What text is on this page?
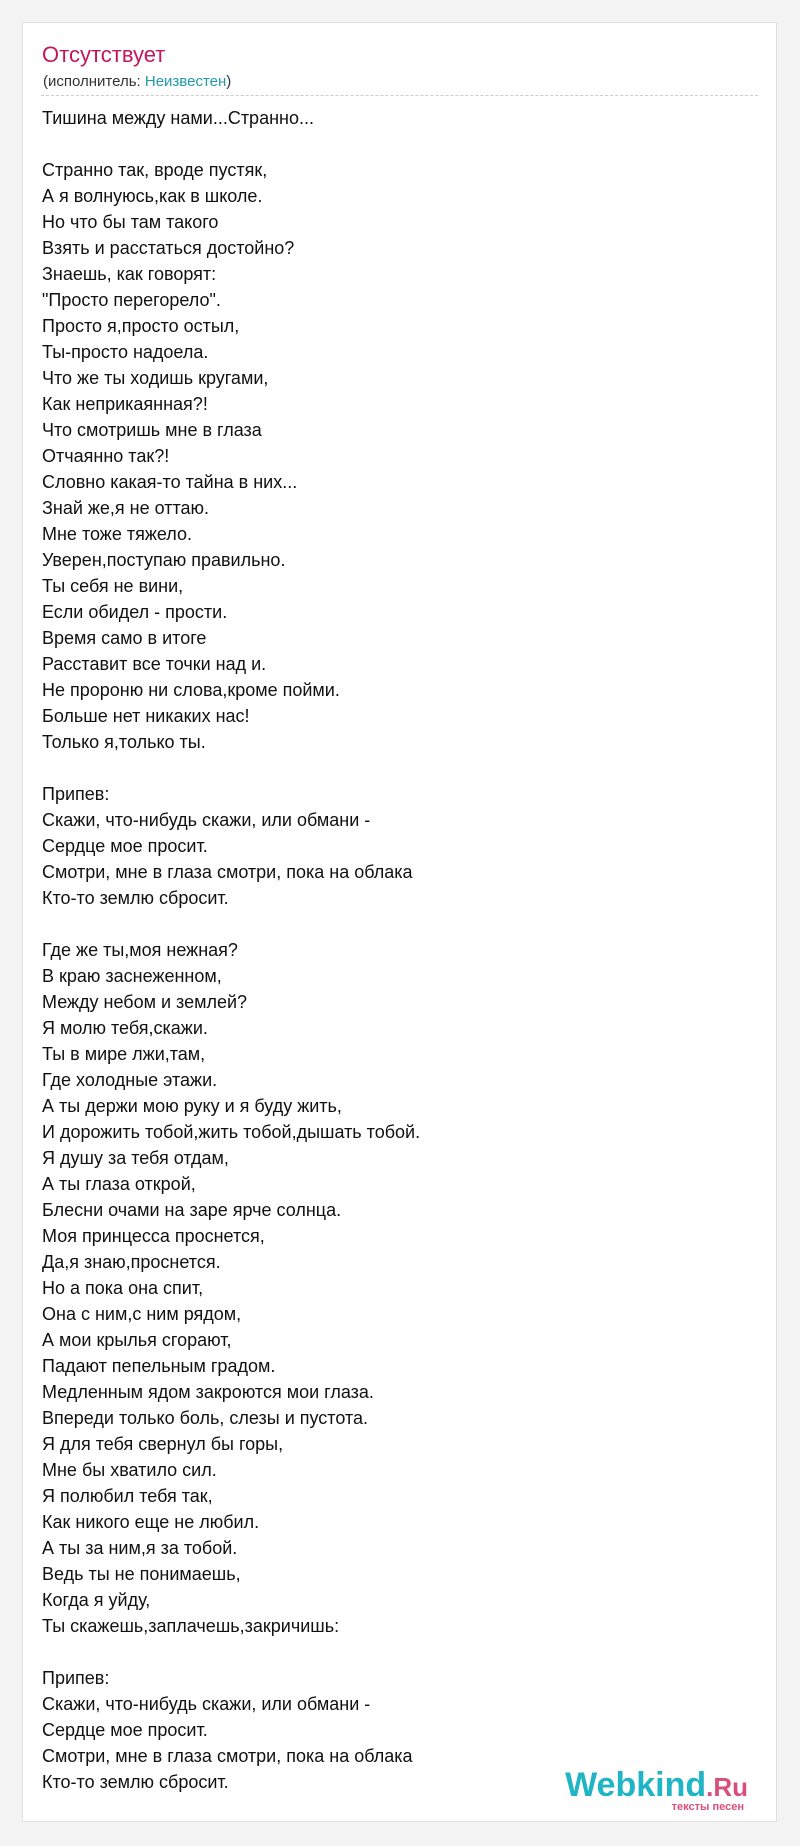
Отсутствует
(исполнитель: Неизвестен)
Тишина между нами...Странно...
Странно так, вроде пустяк,
А я волнуюсь,как в школе.
Но что бы там такого
Взять и расстаться достойно?
Знаешь, как говорят:
"Просто перегорело".
Просто я,просто остыл,
Ты-просто надоела.
Что же ты ходишь кругами,
Как неприкаянная?!
Что смотришь мне в глаза
Отчаянно так?!
Словно какая-то тайна в них...
Знай же,я не оттаю.
Мне тоже тяжело.
Уверен,поступаю правильно.
Ты себя не вини,
Если обидел - прости.
Время само в итоге
Расставит все точки над и.
Не пророню ни слова,кроме пойми.
Больше нет никаких нас!
Только я,только ты.
Припев:
Скажи, что-нибудь скажи, или обмани -
Сердце мое просит.
Смотри, мне в глаза смотри, пока на облака
Кто-то землю сбросит.
Где же ты,моя нежная?
В краю заснеженном,
Между небом и землей?
Я молю тебя,скажи.
Ты в мире лжи,там,
Где холодные этажи.
А ты держи мою руку и я буду жить,
И дорожить тобой,жить тобой,дышать тобой.
Я душу за тебя отдам,
А ты глаза открой,
Блесни очами на заре ярче солнца.
Моя принцесса проснется,
Да,я знаю,проснется.
Но а пока она спит,
Она с ним,с ним рядом,
А мои крылья сгорают,
Падают пепельным градом.
Медленным ядом закроются мои глаза.
Впереди только боль, слезы и пустота.
Я для тебя свернул бы горы,
Мне бы хватило сил.
Я полюбил тебя так,
Как никого еще не любил.
А ты за ним,я за тобой.
Ведь ты не понимаешь,
Когда я уйду,
Ты скажешь,заплачешь,закричишь:
Припев:
Скажи, что-нибудь скажи, или обмани -
Сердце мое просит.
Смотри, мне в глаза смотри, пока на облака
Кто-то землю сбросит.	Webkind.Ru
тексты песен
